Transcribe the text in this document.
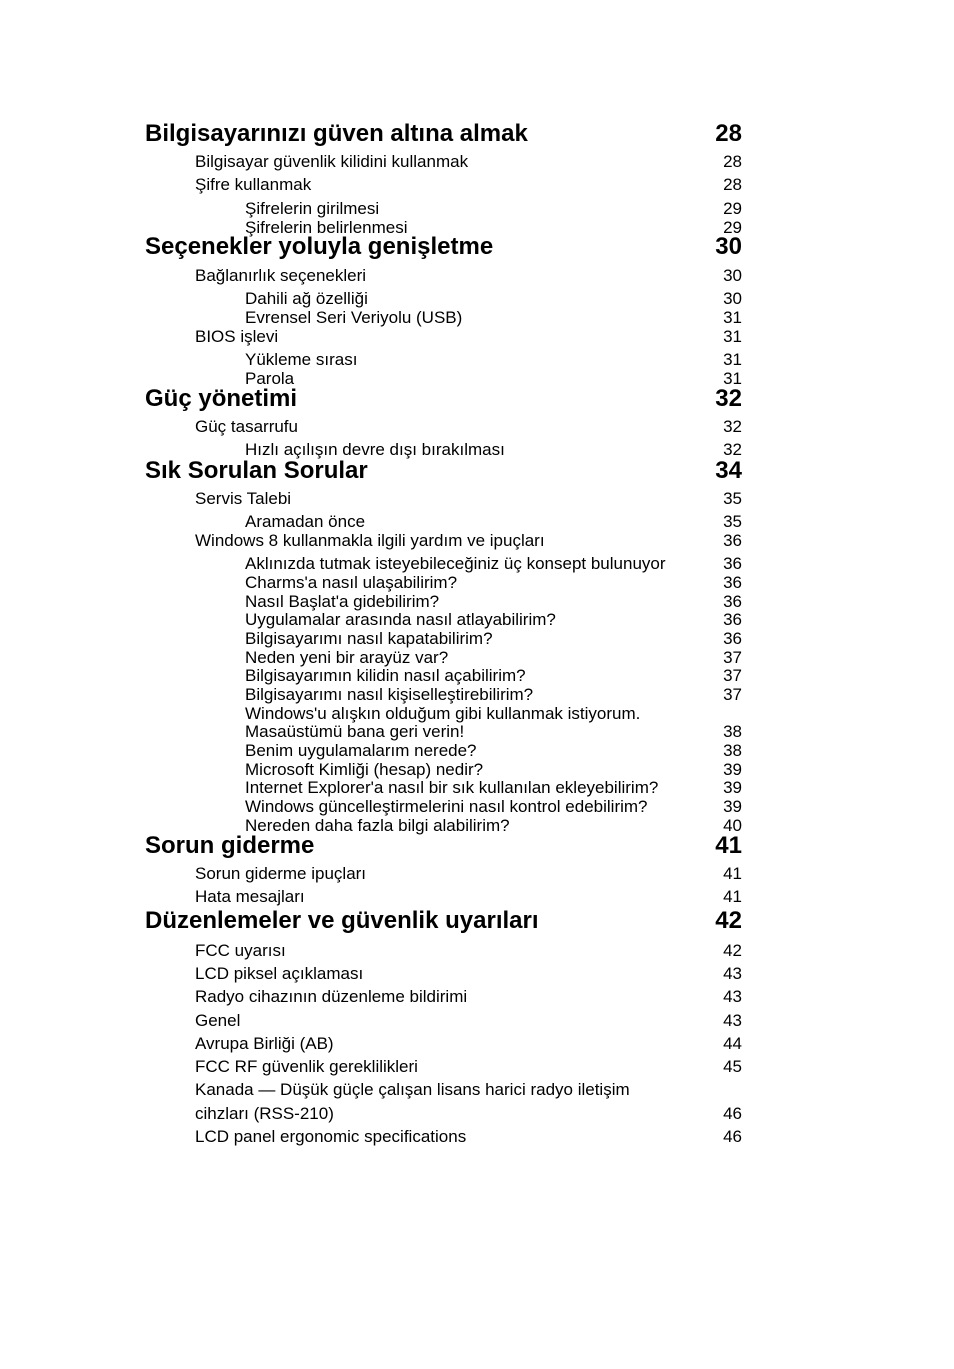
Bilgisayarınızı güven altına almak	28
Bilgisayar güvenlik kilidini kullanmak	28
Şifre kullanmak	28
Şifrelerin girilmesi	29
Şifrelerin belirlenmesi	29
Seçenekler yoluyla genişletme	30
Bağlanırlık seçenekleri	30
Dahili ağ özelliği	30
Evrensel Seri Veriyolu (USB)	31
BIOS işlevi	31
Yükleme sırası	31
Parola	31
Güç yönetimi	32
Güç tasarrufu	32
Hızlı açılışın devre dışı bırakılması	32
Sık Sorulan Sorular	34
Servis Talebi	35
Aramadan önce	35
Windows 8 kullanmakla ilgili yardım ve ipuçları	36
Aklınızda tutmak isteyebileceğiniz üç konsept bulunuyor	36
Charms'a nasıl ulaşabilirim?	36
Nasıl Başlat'a gidebilirim?	36
Uygulamalar arasında nasıl atlayabilirim?	36
Bilgisayarımı nasıl kapatabilirim?	36
Neden yeni bir arayüz var?	37
Bilgisayarımın kilidin nasıl açabilirim?	37
Bilgisayarımı nasıl kişiselleştirebilirim?	37
Windows'u alışkın olduğum gibi kullanmak istiyorum.
Masaüstümü bana geri verin!	38
Benim uygulamalarım nerede?	38
Microsoft Kimliği (hesap) nedir?	39
Internet Explorer'a nasıl bir sık kullanılan ekleyebilirim?	39
Windows güncelleştirmelerini nasıl kontrol edebilirim?	39
Nereden daha fazla bilgi alabilirim?	40
Sorun giderme	41
Sorun giderme ipuçları	41
Hata mesajları	41
Düzenlemeler ve güvenlik uyarıları	42
FCC uyarısı	42
LCD piksel açıklaması	43
Radyo cihazının düzenleme bildirimi	43
Genel	43
Avrupa Birliği (AB)	44
FCC RF güvenlik gereklilikleri	45
Kanada — Düşük güçle çalışan lisans harici radyo iletişim
cihzları (RSS-210)	46
LCD panel ergonomic specifications	46
